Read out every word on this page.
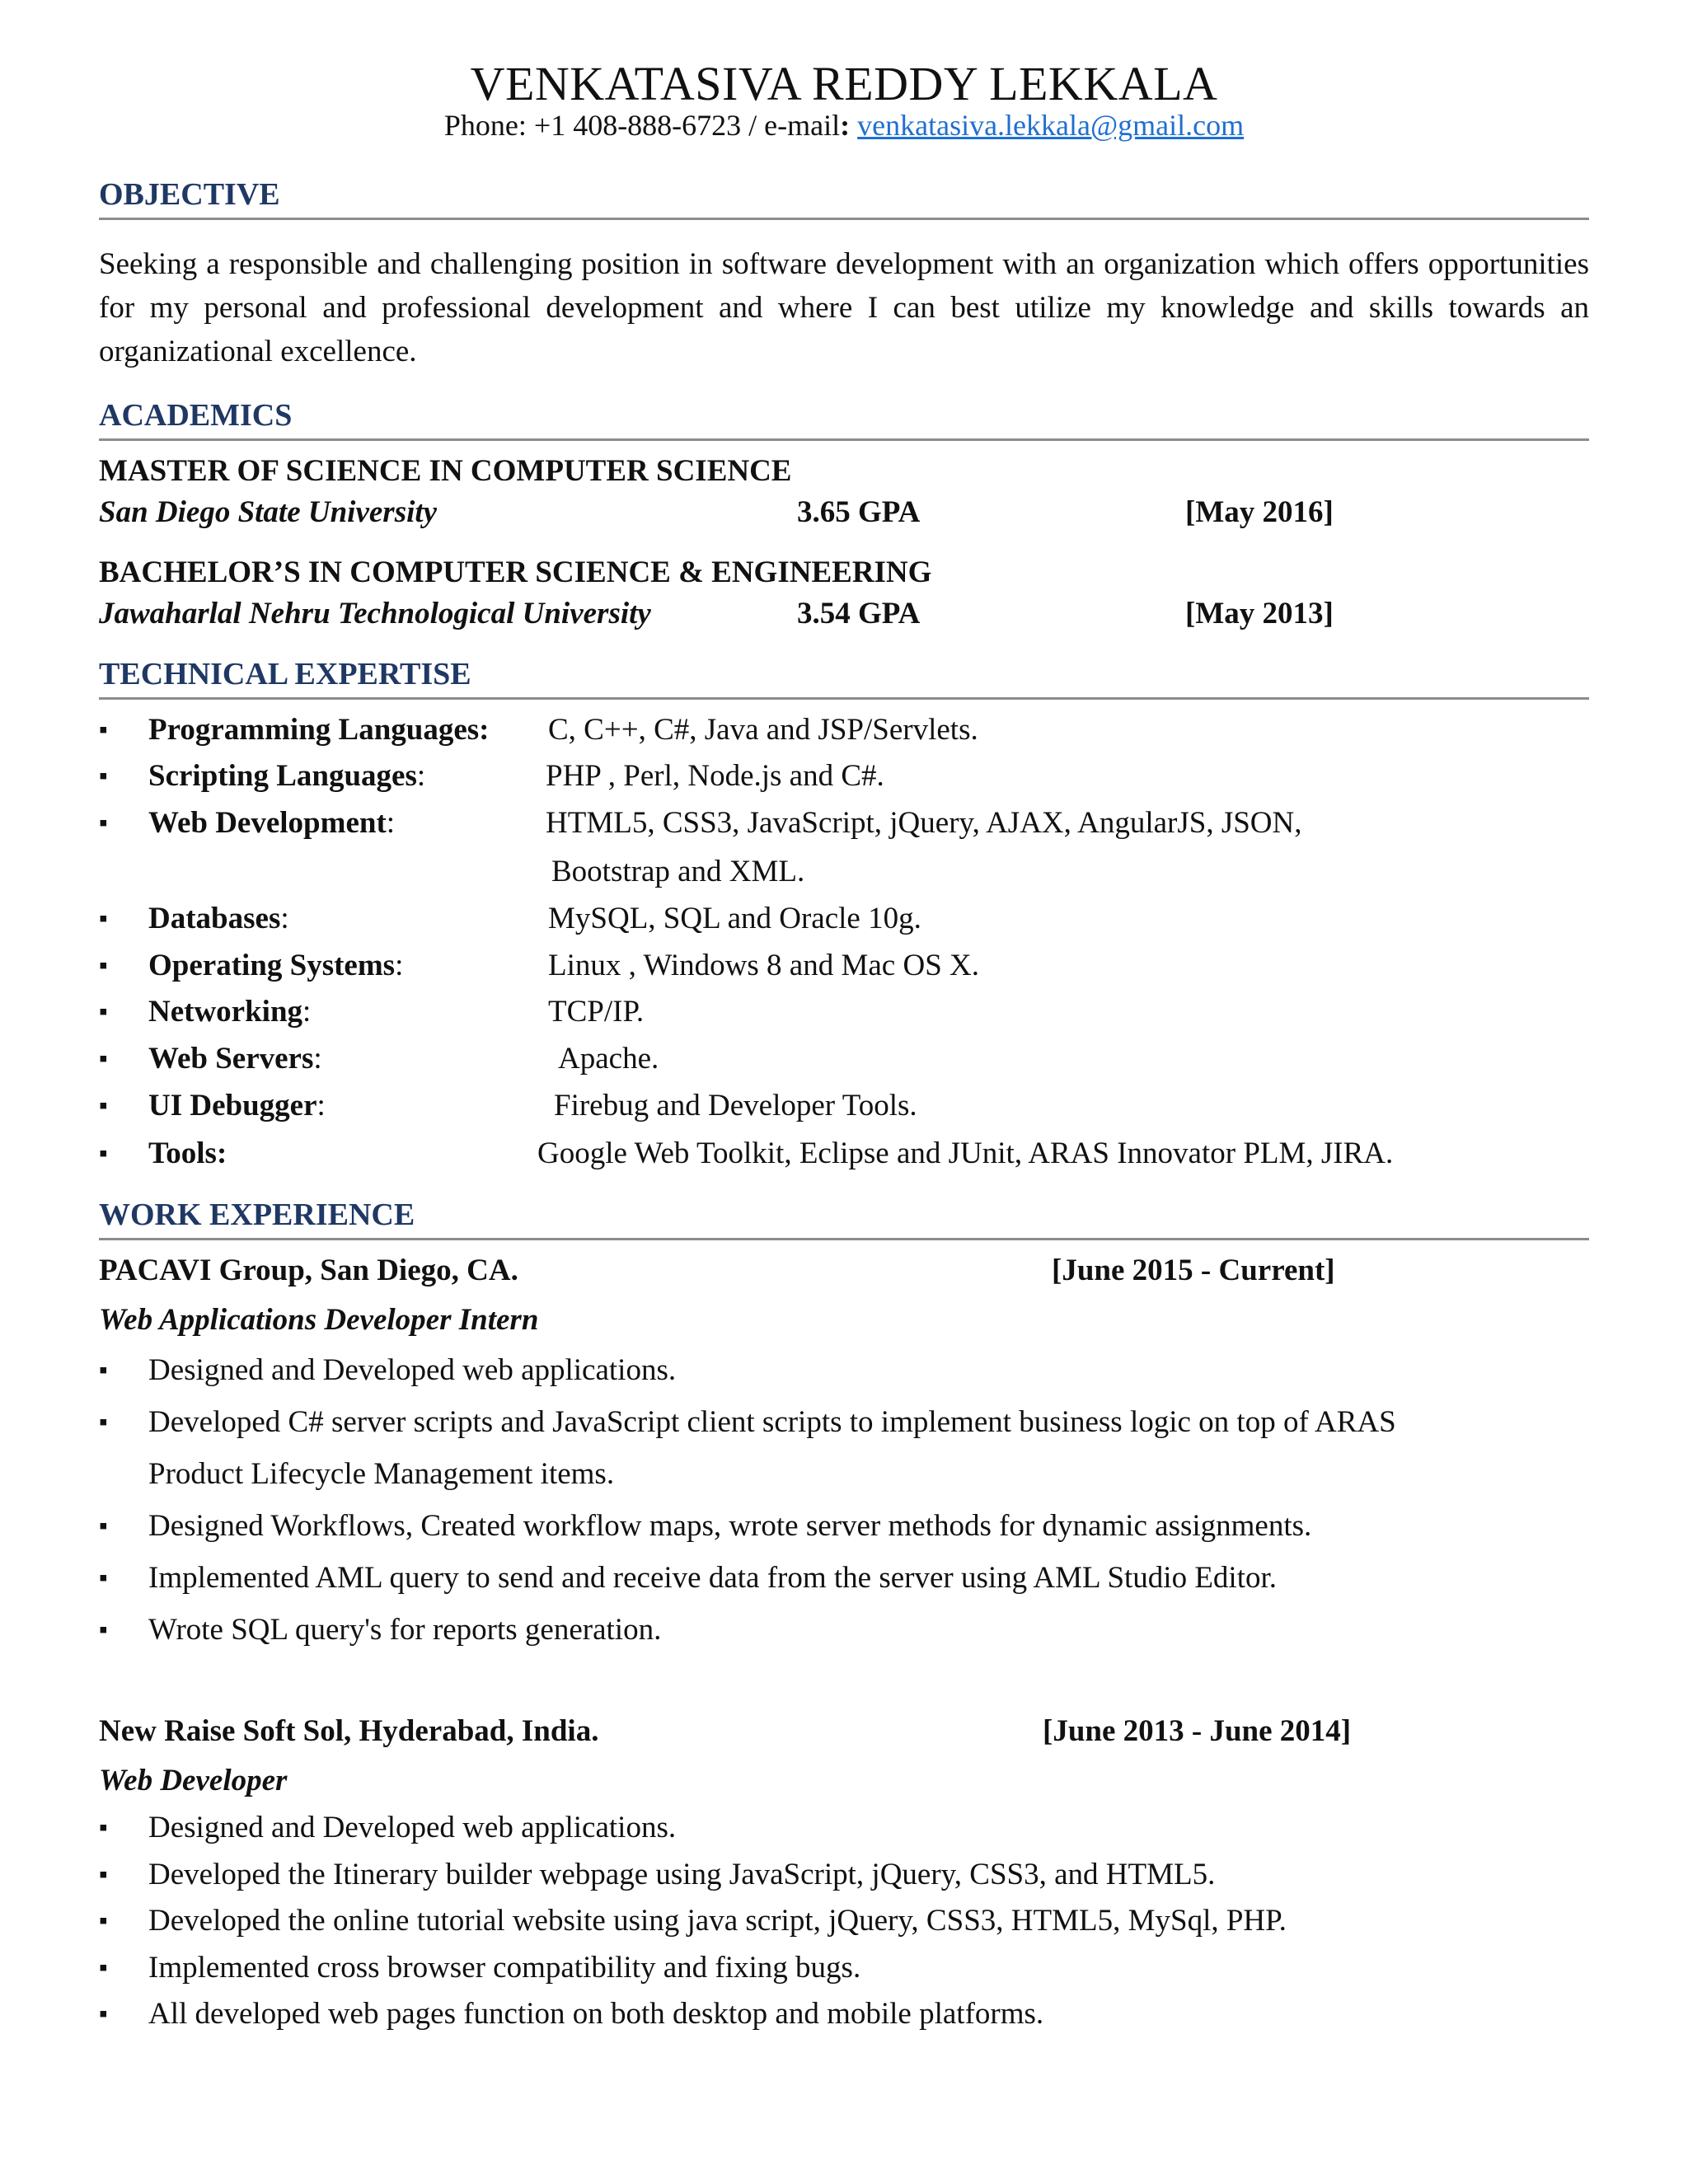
VENKATASIVA REDDY LEKKALA
Phone: +1 408-888-6723 / e-mail: venkatasiva.lekkala@gmail.com
OBJECTIVE
Seeking a responsible and challenging position in software development with an organization which offers opportunities for my personal and professional development and where I can best utilize my knowledge and skills towards an organizational excellence.
ACADEMICS
MASTER OF SCIENCE IN COMPUTER SCIENCE
San Diego State University	3.65 GPA	[May 2016]
BACHELOR’S IN COMPUTER SCIENCE & ENGINEERING
Jawaharlal Nehru Technological University	3.54 GPA	[May 2013]
TECHNICAL EXPERTISE
▪	Programming Languages: C, C++, C#, Java and JSP/Servlets.
▪	Scripting Languages:	PHP , Perl, Node.js and C#.
▪	Web Development:	HTML5, CSS3, JavaScript, jQuery, AJAX, AngularJS, JSON,
Bootstrap and XML.
▪	Databases:	MySQL, SQL and Oracle 10g.
▪	Operating Systems:	Linux , Windows 8 and Mac OS X.
▪	Networking:	TCP/IP.
▪	Web Servers:	Apache.
▪	UI Debugger:	Firebug and Developer Tools.
▪	Tools:	Google Web Toolkit, Eclipse and JUnit, ARAS Innovator PLM, JIRA.
WORK EXPERIENCE
PACAVI Group, San Diego, CA.	[June 2015 - Current]
Web Applications Developer Intern
▪	Designed and Developed web applications.
▪	Developed C# server scripts and JavaScript client scripts to implement business logic on top of ARAS
Product Lifecycle Management items.
▪	Designed Workflows, Created workflow maps, wrote server methods for dynamic assignments.
▪	Implemented AML query to send and receive data from the server using AML Studio Editor.
▪	Wrote SQL query's for reports generation.
New Raise Soft Sol, Hyderabad, India.	[June 2013 - June 2014]
Web Developer
▪	Designed and Developed web applications.
▪	Developed the Itinerary builder webpage using JavaScript, jQuery, CSS3, and HTML5.
▪	Developed the online tutorial website using java script, jQuery, CSS3, HTML5, MySql, PHP.
▪	Implemented cross browser compatibility and fixing bugs.
▪	All developed web pages function on both desktop and mobile platforms.
